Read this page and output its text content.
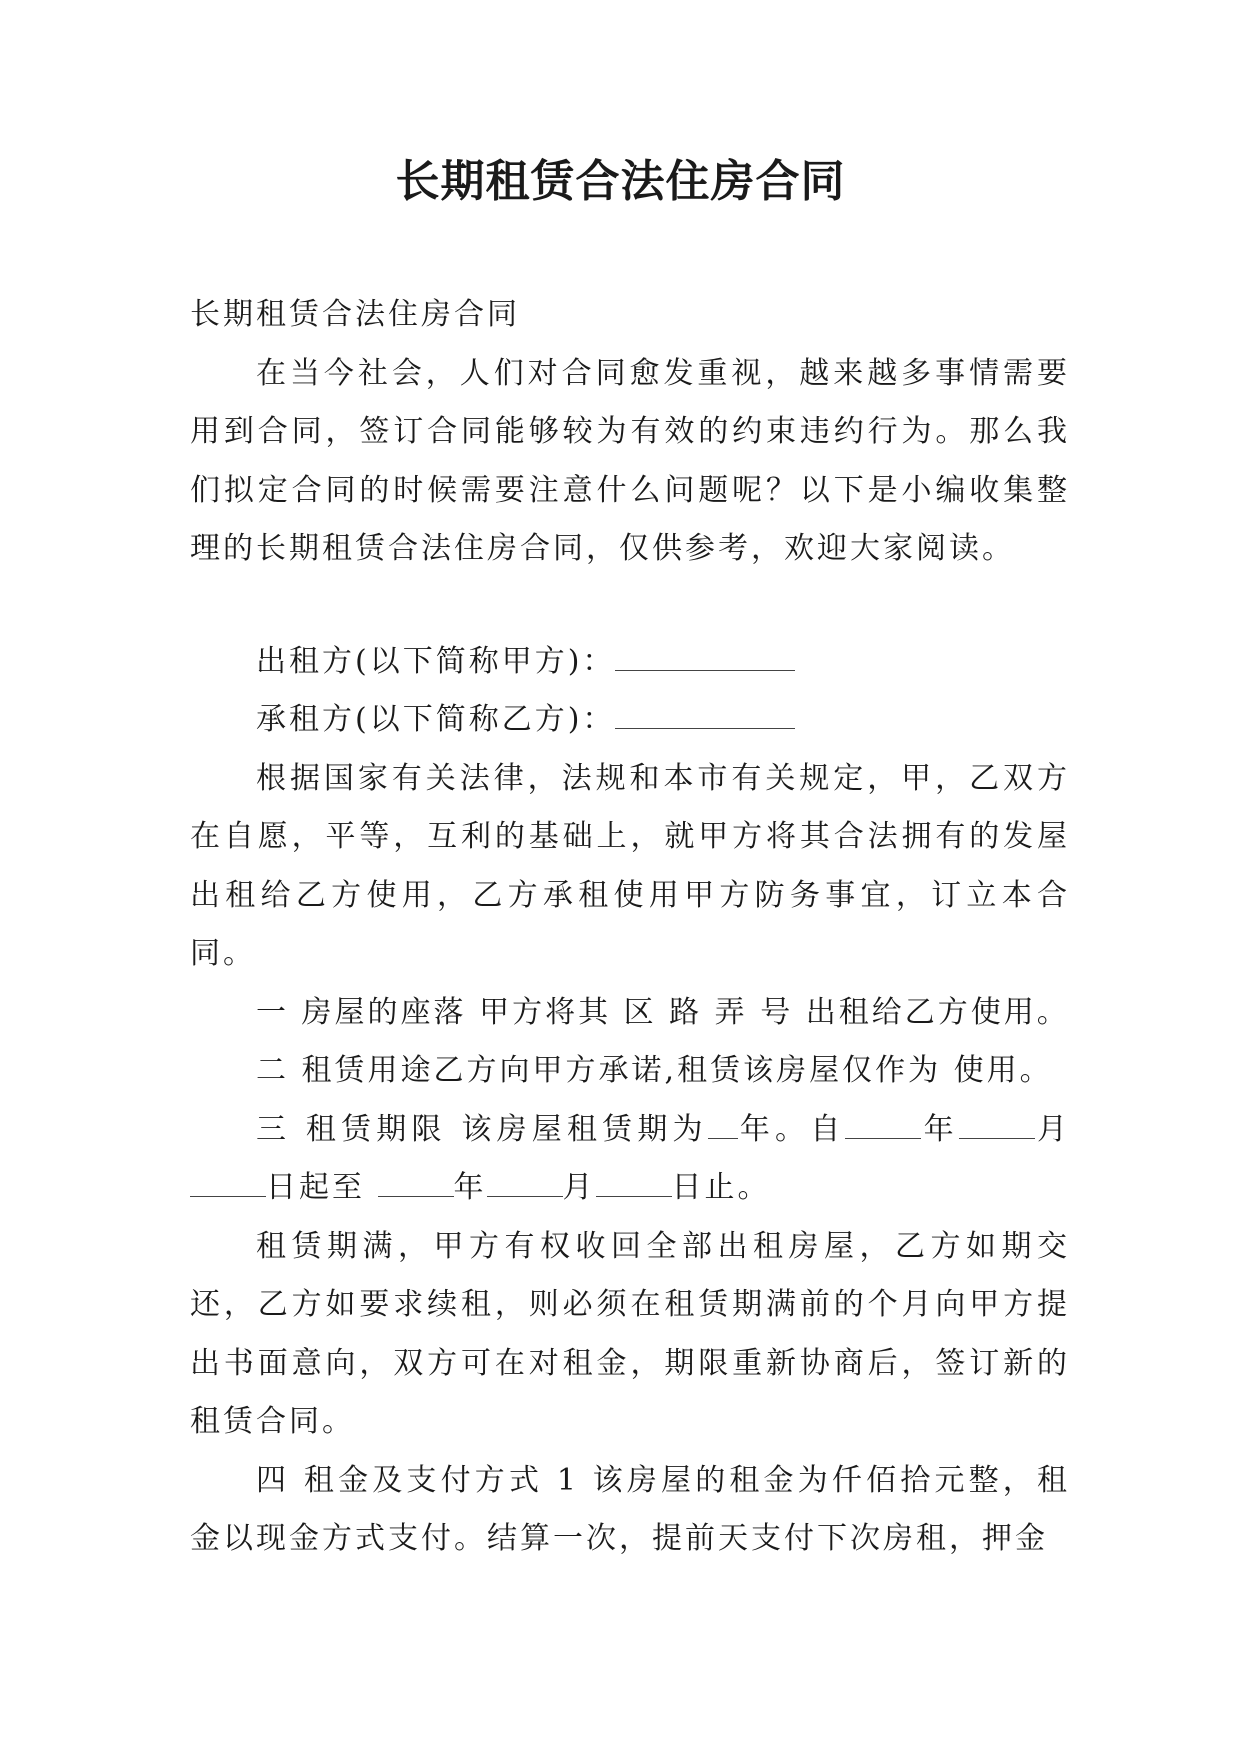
长期租赁合法住房合同

长期租赁合法住房合同

在当今社会，人们对合同愈发重视，越来越多事情需要用到合同，签订合同能够较为有效的约束违约行为。那么我们拟定合同的时候需要注意什么问题呢？以下是小编收集整理的长期租赁合法住房合同，仅供参考，欢迎大家阅读。

出租方(以下简称甲方)：

承租方(以下简称乙方)：

根据国家有关法律，法规和本市有关规定，甲，乙双方在自愿，平等，互利的基础上，就甲方将其合法拥有的发屋出租给乙方使用，乙方承租使用甲方防务事宜，订立本合同。

一 房屋的座落 甲方将其 区 路 弄 号 出租给乙方使用。

二 租赁用途乙方向甲方承诺,租赁该房屋仅作为 使用。

三 租赁期限 该房屋租赁期为 年。自	年	月日起至	年	月	日止。

租赁期满，甲方有权收回全部出租房屋，乙方如期交还，乙方如要求续租，则必须在租赁期满前的个月向甲方提出书面意向，双方可在对租金，期限重新协商后，签订新的租赁合同。

四 租金及支付方式 1 该房屋的租金为仟佰拾元整，租金以现金方式支付。结算一次，提前天支付下次房租，押金
